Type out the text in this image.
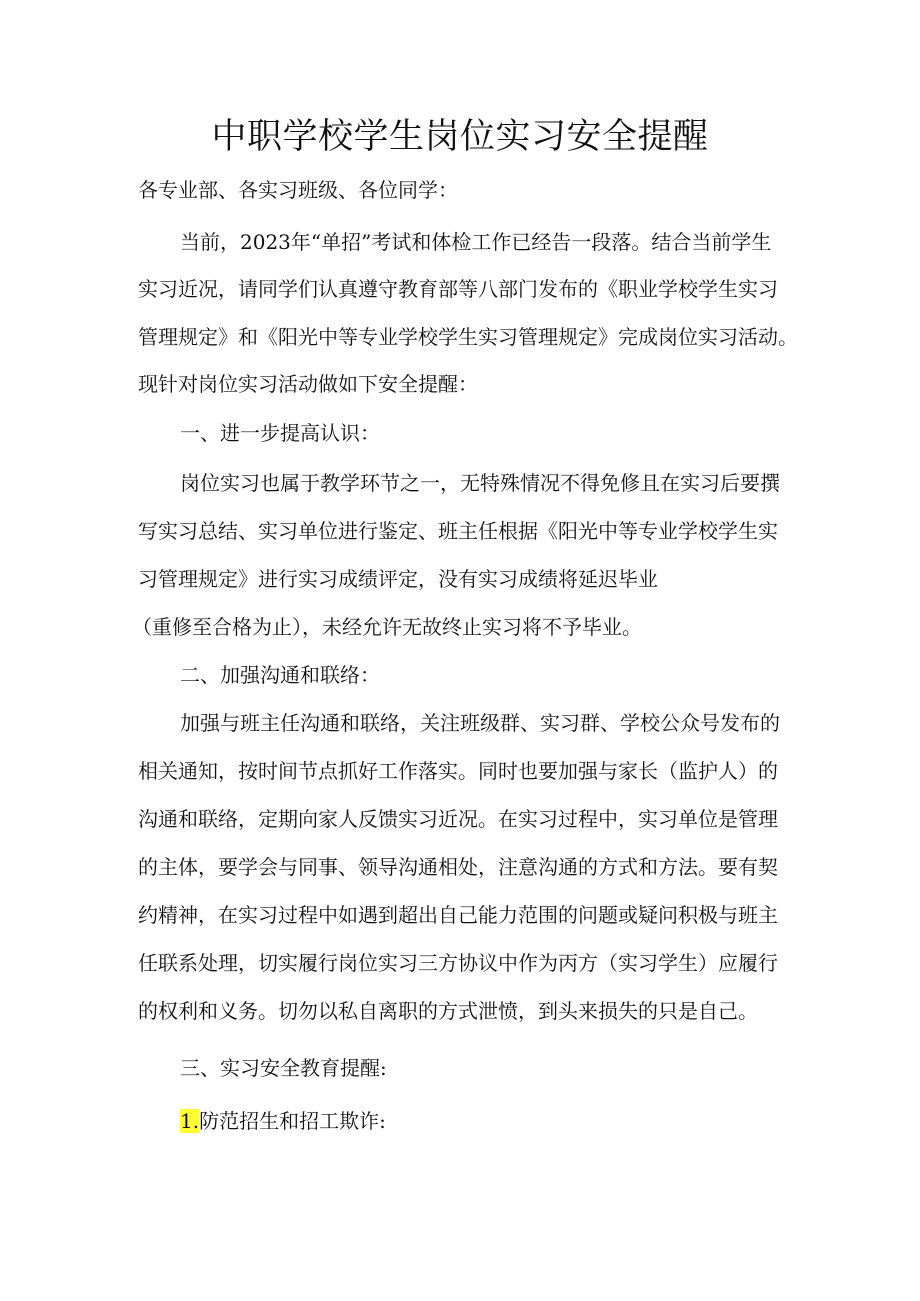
中职学校学生岗位实习安全提醒
各专业部、各实习班级、各位同学：
当前，2023年“单招”考试和体检工作已经告一段落。结合当前学生
实习近况，请同学们认真遵守教育部等八部门发布的《职业学校学生实习
管理规定》和《阳光中等专业学校学生实习管理规定》完成岗位实习活动。
现针对岗位实习活动做如下安全提醒：
一、进一步提高认识：
岗位实习也属于教学环节之一，无特殊情况不得免修且在实习后要撰
写实习总结、实习单位进行鉴定、班主任根据《阳光中等专业学校学生实
习管理规定》进行实习成绩评定，没有实习成绩将延迟毕业
（重修至合格为止），未经允许无故终止实习将不予毕业。
二、加强沟通和联络：
加强与班主任沟通和联络，关注班级群、实习群、学校公众号发布的
相关通知，按时间节点抓好工作落实。同时也要加强与家长（监护人）的
沟通和联络，定期向家人反馈实习近况。在实习过程中，实习单位是管理
的主体，要学会与同事、领导沟通相处，注意沟通的方式和方法。要有契
约精神，在实习过程中如遇到超出自己能力范围的问题或疑问积极与班主
任联系处理，切实履行岗位实习三方协议中作为丙方（实习学生）应履行
的权利和义务。切勿以私自离职的方式泄愤，到头来损失的只是自己。
三、实习安全教育提醒:
1.防范招生和招工欺诈:
